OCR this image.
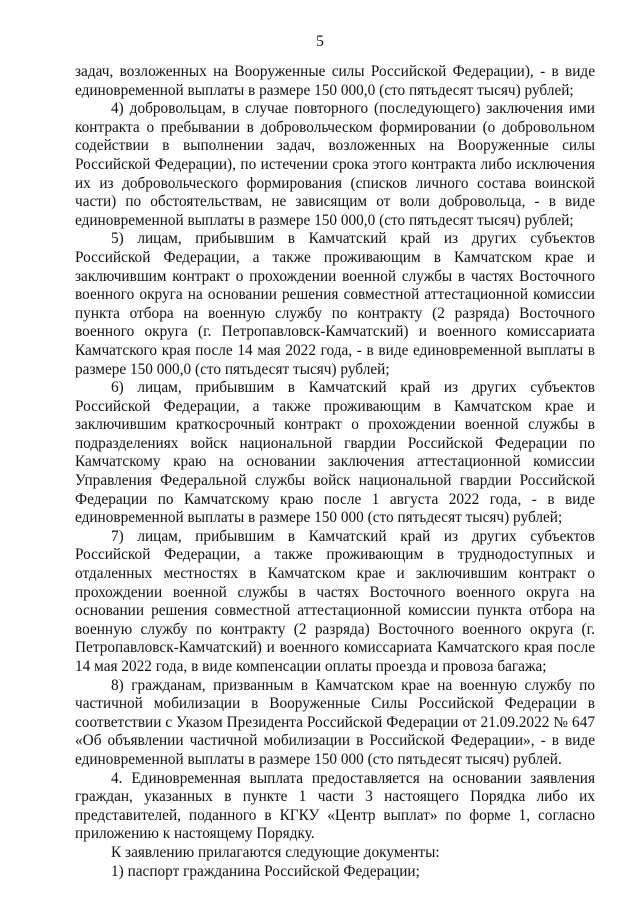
5

задач, возложенных на Вооруженные силы Российской Федерации), - в виде единовременной выплаты в размере 150 000,0 (сто пятьдесят тысяч) рублей;

4) добровольцам, в случае повторного (последующего) заключения ими контракта о пребывании в добровольческом формировании (о добровольном содействии в выполнении задач, возложенных на Вооруженные силы Российской Федерации), по истечении срока этого контракта либо исключения их из добровольческого формирования (списков личного состава воинской части) по обстоятельствам, не зависящим от воли добровольца, - в виде единовременной выплаты в размере 150 000,0 (сто пятьдесят тысяч) рублей;

5) лицам, прибывшим в Камчатский край из других субъектов Российской Федерации, а также проживающим в Камчатском крае и заключившим контракт о прохождении военной службы в частях Восточного военного округа на основании решения совместной аттестационной комиссии пункта отбора на военную службу по контракту (2 разряда) Восточного военного округа (г. Петропавловск-Камчатский) и военного комиссариата Камчатского края после 14 мая 2022 года, - в виде единовременной выплаты в размере 150 000,0 (сто пятьдесят тысяч) рублей;

6) лицам, прибывшим в Камчатский край из других субъектов Российской Федерации, а также проживающим в Камчатском крае и заключившим краткосрочный контракт о прохождении военной службы в подразделениях войск национальной гвардии Российской Федерации по Камчатскому краю на основании заключения аттестационной комиссии Управления Федеральной службы войск национальной гвардии Российской Федерации по Камчатскому краю после 1 августа 2022 года, - в виде единовременной выплаты в размере 150 000 (сто пятьдесят тысяч) рублей;

7) лицам, прибывшим в Камчатский край из других субъектов Российской Федерации, а также проживающим в труднодоступных и отдаленных местностях в Камчатском крае и заключившим контракт о прохождении военной службы в частях Восточного военного округа на основании решения совместной аттестационной комиссии пункта отбора на военную службу по контракту (2 разряда) Восточного военного округа (г. Петропавловск-Камчатский) и военного комиссариата Камчатского края после 14 мая 2022 года, в виде компенсации оплаты проезда и провоза багажа;

8) гражданам, призванным в Камчатском крае на военную службу по частичной мобилизации в Вооруженные Силы Российской Федерации в соответствии с Указом Президента Российской Федерации от 21.09.2022 № 647 «Об объявлении частичной мобилизации в Российской Федерации», - в виде единовременной выплаты в размере 150 000 (сто пятьдесят тысяч) рублей.

4. Единовременная выплата предоставляется на основании заявления граждан, указанных в пункте 1 части 3 настоящего Порядка либо их представителей, поданного в КГКУ «Центр выплат» по форме 1, согласно приложению к настоящему Порядку.

К заявлению прилагаются следующие документы:

1) паспорт гражданина Российской Федерации;
